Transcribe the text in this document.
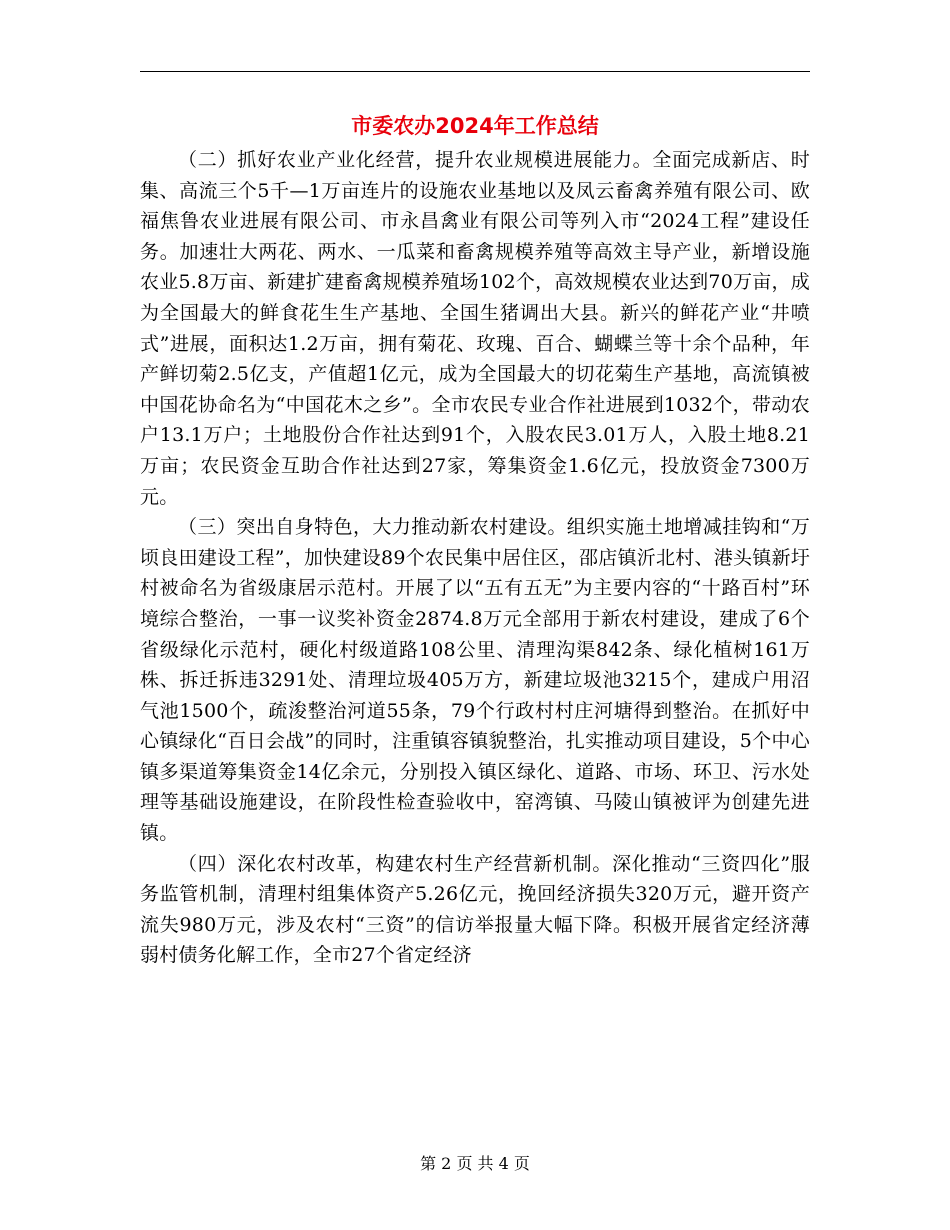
市委农办2024年工作总结

（二）抓好农业产业化经营，提升农业规模进展能力。全面完成新店、时集、高流三个5千—1万亩连片的设施农业基地以及凤云畜禽养殖有限公司、欧福焦鲁农业进展有限公司、市永昌禽业有限公司等列入市“2024工程”建设任务。加速壮大两花、两水、一瓜菜和畜禽规模养殖等高效主导产业，新增设施农业5.8万亩、新建扩建畜禽规模养殖场102个，高效规模农业达到70万亩，成为全国最大的鲜食花生生产基地、全国生猪调出大县。新兴的鲜花产业“井喷式”进展，面积达1.2万亩，拥有菊花、玫瑰、百合、蝴蝶兰等十余个品种，年产鲜切菊2.5亿支，产值超1亿元，成为全国最大的切花菊生产基地，高流镇被中国花协命名为“中国花木之乡”。全市农民专业合作社进展到1032个，带动农户13.1万户；土地股份合作社达到91个，入股农民3.01万人，入股土地8.21万亩；农民资金互助合作社达到27家，筹集资金1.6亿元，投放资金7300万元。

（三）突出自身特色，大力推动新农村建设。组织实施土地增减挂钩和“万顷良田建设工程”，加快建设89个农民集中居住区，邵店镇沂北村、港头镇新圩村被命名为省级康居示范村。开展了以“五有五无”为主要内容的“十路百村”环境综合整治，一事一议奖补资金2874.8万元全部用于新农村建设，建成了6个省级绿化示范村，硬化村级道路108公里、清理沟渠842条、绿化植树161万株、拆迁拆违3291处、清理垃圾405万方，新建垃圾池3215个，建成户用沼气池1500个，疏浚整治河道55条，79个行政村村庄河塘得到整治。在抓好中心镇绿化“百日会战”的同时，注重镇容镇貌整治，扎实推动项目建设，5个中心镇多渠道筹集资金14亿余元，分别投入镇区绿化、道路、市场、环卫、污水处理等基础设施建设，在阶段性检查验收中，窑湾镇、马陵山镇被评为创建先进镇。

（四）深化农村改革，构建农村生产经营新机制。深化推动“三资四化”服务监管机制，清理村组集体资产5.26亿元，挽回经济损失320万元，避开资产流失980万元，涉及农村“三资”的信访举报量大幅下降。积极开展省定经济薄弱村债务化解工作，全市27个省定经济

第 2 页 共 4 页
